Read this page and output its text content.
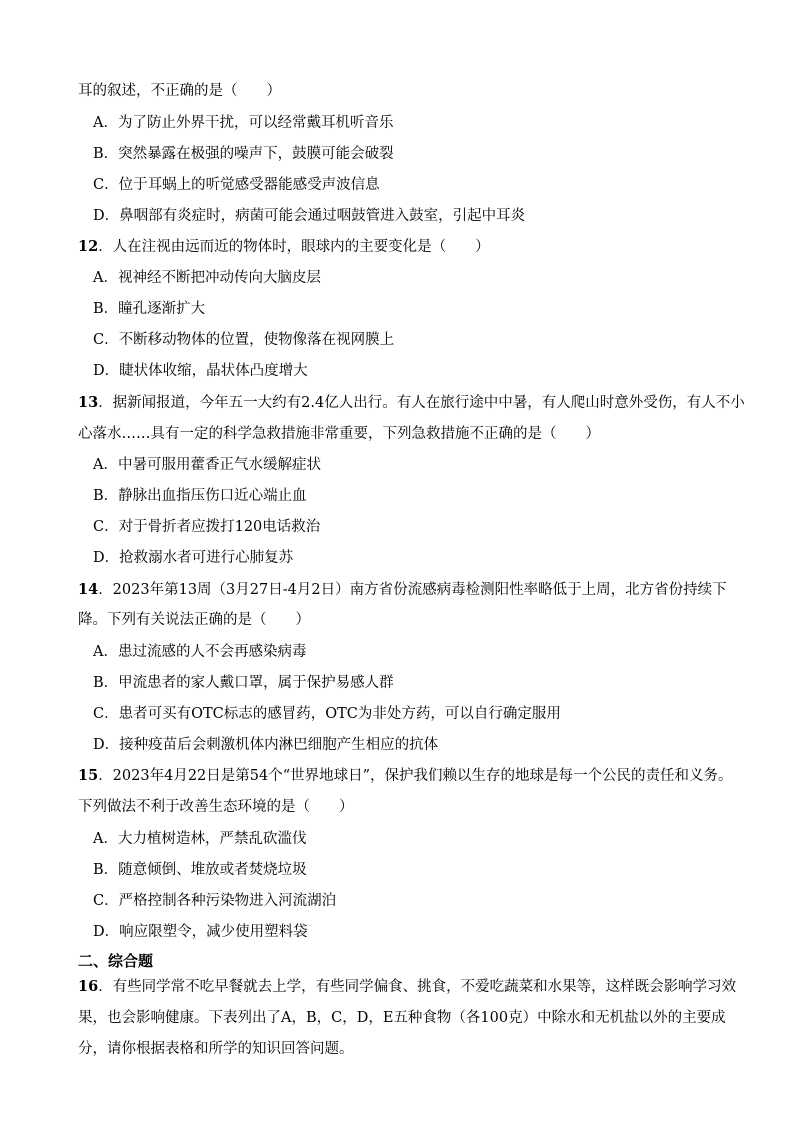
耳的叙述，不正确的是（　　）
A．为了防止外界干扰，可以经常戴耳机听音乐
B．突然暴露在极强的噪声下，鼓膜可能会破裂
C．位于耳蜗上的听觉感受器能感受声波信息
D．鼻咽部有炎症时，病菌可能会通过咽鼓管进入鼓室，引起中耳炎
12．人在注视由远而近的物体时，眼球内的主要变化是（　　）
A．视神经不断把冲动传向大脑皮层
B．瞳孔逐渐扩大
C．不断移动物体的位置，使物像落在视网膜上
D．睫状体收缩，晶状体凸度增大
13．据新闻报道，今年五一大约有2.4亿人出行。有人在旅行途中中暑，有人爬山时意外受伤，有人不小
心落水……具有一定的科学急救措施非常重要，下列急救措施不正确的是（　　）
A．中暑可服用藿香正气水缓解症状
B．静脉出血指压伤口近心端止血
C．对于骨折者应拨打120电话救治
D．抢救溺水者可进行心肺复苏
14．2023年第13周（3月27日-4月2日）南方省份流感病毒检测阳性率略低于上周，北方省份持续下
降。下列有关说法正确的是（　　）
A．患过流感的人不会再感染病毒
B．甲流患者的家人戴口罩，属于保护易感人群
C．患者可买有OTC标志的感冒药，OTC为非处方药，可以自行确定服用
D．接种疫苗后会刺激机体内淋巴细胞产生相应的抗体
15．2023年4月22日是第54个“世界地球日”，保护我们赖以生存的地球是每一个公民的责任和义务。
下列做法不利于改善生态环境的是（　　）
A．大力植树造林，严禁乱砍滥伐
B．随意倾倒、堆放或者焚烧垃圾
C．严格控制各种污染物进入河流湖泊
D．响应限塑令，减少使用塑料袋
二、综合题
16．有些同学常不吃早餐就去上学，有些同学偏食、挑食，不爱吃蔬菜和水果等，这样既会影响学习效
果，也会影响健康。下表列出了A，B，C，D，E五种食物（各100克）中除水和无机盐以外的主要成
分，请你根据表格和所学的知识回答问题。
